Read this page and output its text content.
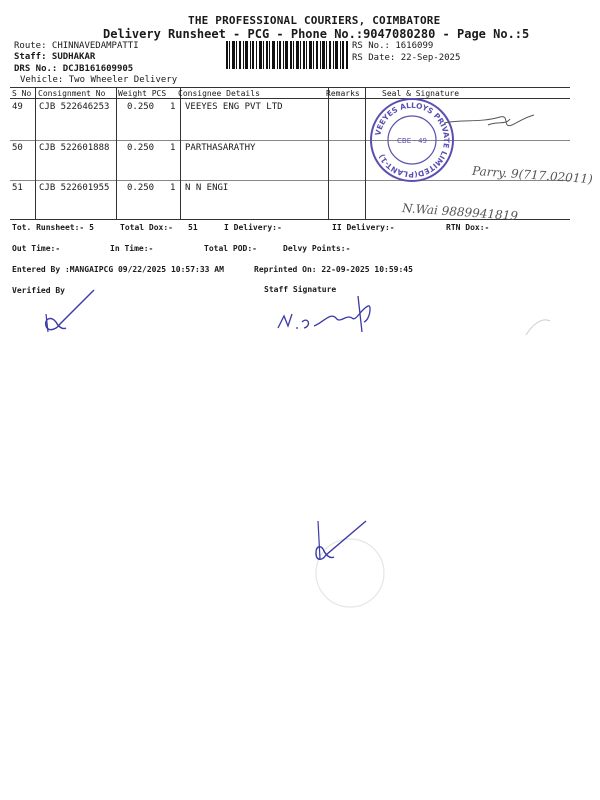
THE PROFESSIONAL COURIERS, COIMBATORE
Delivery Runsheet - PCG - Phone No.:9047080280 - Page No.:5
Route: CHINNAVEDAMPATTI
Staff: SUDHAKAR
DRS No.: DCJB161609905
Vehicle: Two Wheeler Delivery
RS No.: 1616099
RS Date: 22-Sep-2025
S No Consignment No Weight PCS Consignee Details	Remarks	Seal & Signature
49 CJB 522646253 0.250 1 VEEYES ENG PVT LTD
50 CJB 522601888 0.250 1 PARTHASARATHY
51 CJB 522601955 0.250 1 N N ENGI
VEEYES ALLOYS PRIVATE LIMITED(PLANT-1)
CBE - 49
Parry. 9(717.02011)
N.Wai 9889941819
Tot. Runsheet:- 5	Total Dox:- 51	I Delivery:-	II Delivery:-	RTN Dox:-
Out Time:-	In Time:-	Total POD:-	Delvy Points:-
Entered By :MANGAIPCG 09/22/2025 10:57:33 AM	Reprinted On: 22-09-2025 10:59:45
Verified By	Staff Signature
